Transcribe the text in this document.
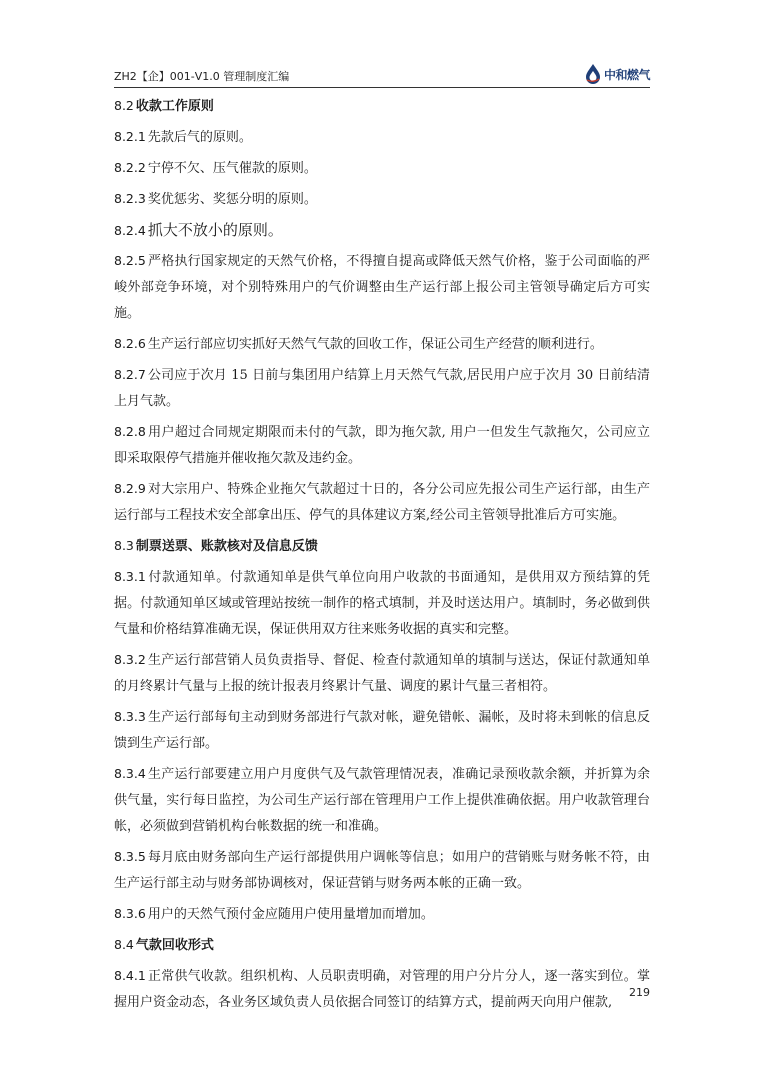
ZH2【企】001-V1.0 管理制度汇编	中和燃气

8.2 收款工作原则

8.2.1 先款后气的原则。

8.2.2 宁停不欠、压气催款的原则。

8.2.3 奖优惩劣、奖惩分明的原则。

8.2.4 抓大不放小的原则。

8.2.5 严格执行国家规定的天然气价格，不得擅自提高或降低天然气价格，鉴于公司面临的严峻外部竞争环境，对个别特殊用户的气价调整由生产运行部上报公司主管领导确定后方可实施。

8.2.6 生产运行部应切实抓好天然气气款的回收工作，保证公司生产经营的顺利进行。

8.2.7 公司应于次月 15 日前与集团用户结算上月天然气气款,居民用户应于次月 30 日前结清上月气款。

8.2.8 用户超过合同规定期限而未付的气款，即为拖欠款, 用户一但发生气款拖欠，公司应立即采取限停气措施并催收拖欠款及违约金。

8.2.9 对大宗用户、特殊企业拖欠气款超过十日的，各分公司应先报公司生产运行部，由生产运行部与工程技术安全部拿出压、停气的具体建议方案,经公司主管领导批准后方可实施。

8.3 制票送票、账款核对及信息反馈

8.3.1 付款通知单。付款通知单是供气单位向用户收款的书面通知，是供用双方预结算的凭据。付款通知单区域或管理站按统一制作的格式填制，并及时送达用户。填制时，务必做到供气量和价格结算准确无误，保证供用双方往来账务收据的真实和完整。

8.3.2 生产运行部营销人员负责指导、督促、检查付款通知单的填制与送达，保证付款通知单的月终累计气量与上报的统计报表月终累计气量、调度的累计气量三者相符。

8.3.3 生产运行部每旬主动到财务部进行气款对帐，避免错帐、漏帐，及时将未到帐的信息反馈到生产运行部。

8.3.4 生产运行部要建立用户月度供气及气款管理情况表，准确记录预收款余额，并折算为余供气量，实行每日监控，为公司生产运行部在管理用户工作上提供准确依据。用户收款管理台帐，必须做到营销机构台帐数据的统一和准确。

8.3.5 每月底由财务部向生产运行部提供用户调帐等信息；如用户的营销账与财务帐不符，由生产运行部主动与财务部协调核对，保证营销与财务两本帐的正确一致。

8.3.6 用户的天然气预付金应随用户使用量增加而增加。

8.4 气款回收形式

8.4.1 正常供气收款。组织机构、人员职责明确，对管理的用户分片分人，逐一落实到位。掌握用户资金动态，各业务区域负责人员依据合同签订的结算方式，提前两天向用户催款,

219
